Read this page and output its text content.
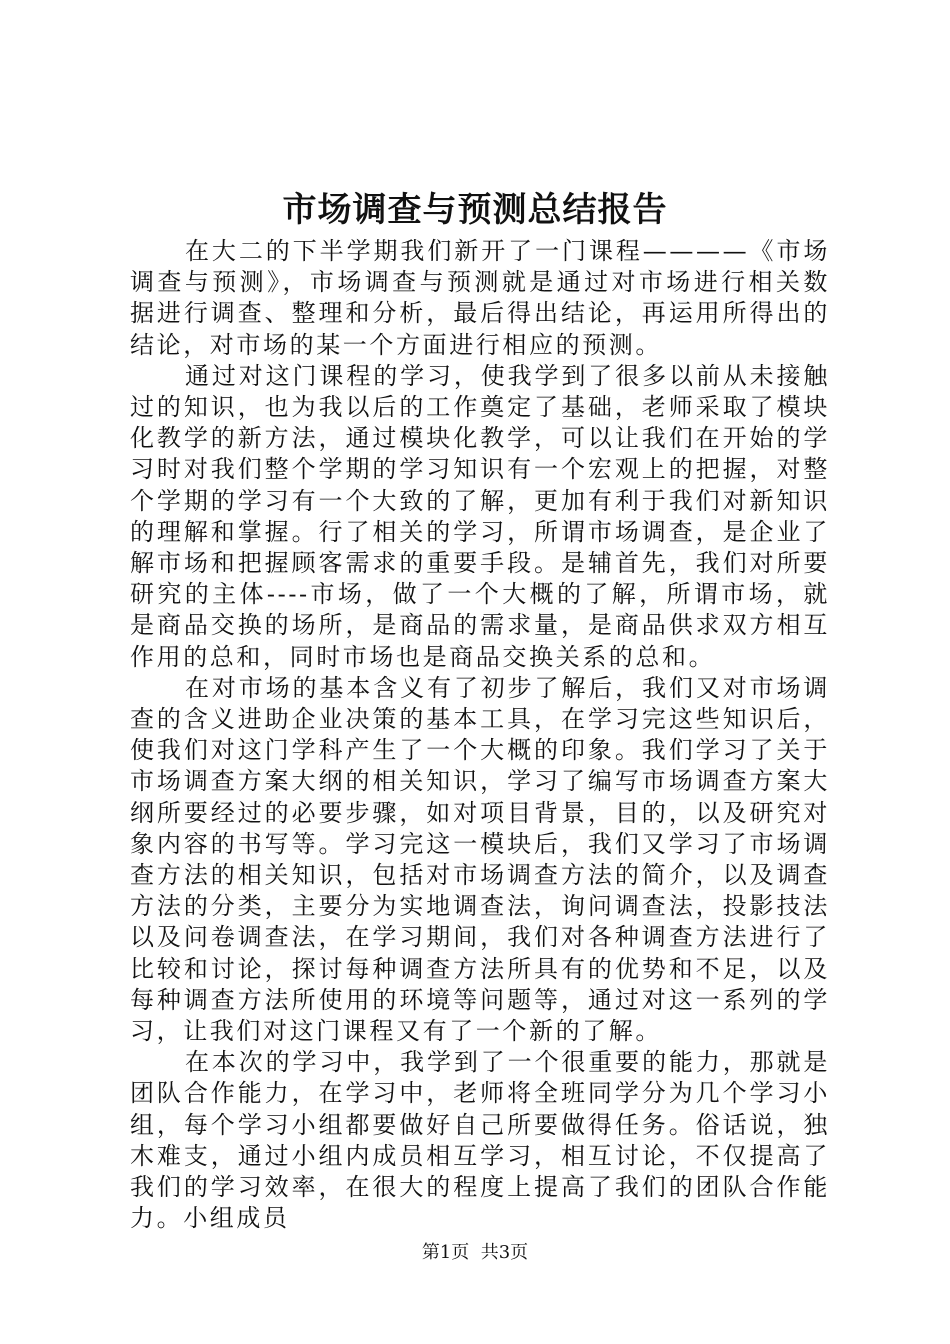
市场调查与预测总结报告

在大二的下半学期我们新开了一门课程————《市场调查与预测》，市场调查与预测就是通过对市场进行相关数据进行调查、整理和分析，最后得出结论，再运用所得出的结论，对市场的某一个方面进行相应的预测。

通过对这门课程的学习，使我学到了很多以前从未接触过的知识，也为我以后的工作奠定了基础，老师采取了模块化教学的新方法，通过模块化教学，可以让我们在开始的学习时对我们整个学期的学习知识有一个宏观上的把握，对整个学期的学习有一个大致的了解，更加有利于我们对新知识的理解和掌握。行了相关的学习，所谓市场调查，是企业了解市场和把握顾客需求的重要手段。是辅首先，我们对所要研究的主体----市场，做了一个大概的了解，所谓市场，就是商品交换的场所，是商品的需求量，是商品供求双方相互作用的总和，同时市场也是商品交换关系的总和。

在对市场的基本含义有了初步了解后，我们又对市场调查的含义进助企业决策的基本工具，在学习完这些知识后，使我们对这门学科产生了一个大概的印象。我们学习了关于市场调查方案大纲的相关知识，学习了编写市场调查方案大纲所要经过的必要步骤，如对项目背景，目的，以及研究对象内容的书写等。学习完这一模块后，我们又学习了市场调查方法的相关知识，包括对市场调查方法的简介，以及调查方法的分类，主要分为实地调查法，询问调查法，投影技法以及问卷调查法，在学习期间，我们对各种调查方法进行了比较和讨论，探讨每种调查方法所具有的优势和不足，以及每种调查方法所使用的环境等问题等，通过对这一系列的学习，让我们对这门课程又有了一个新的了解。

在本次的学习中，我学到了一个很重要的能力，那就是团队合作能力，在学习中，老师将全班同学分为几个学习小组，每个学习小组都要做好自己所要做得任务。俗话说，独木难支，通过小组内成员相互学习，相互讨论，不仅提高了我们的学习效率，在很大的程度上提高了我们的团队合作能力。小组成员

第1页 共3页
